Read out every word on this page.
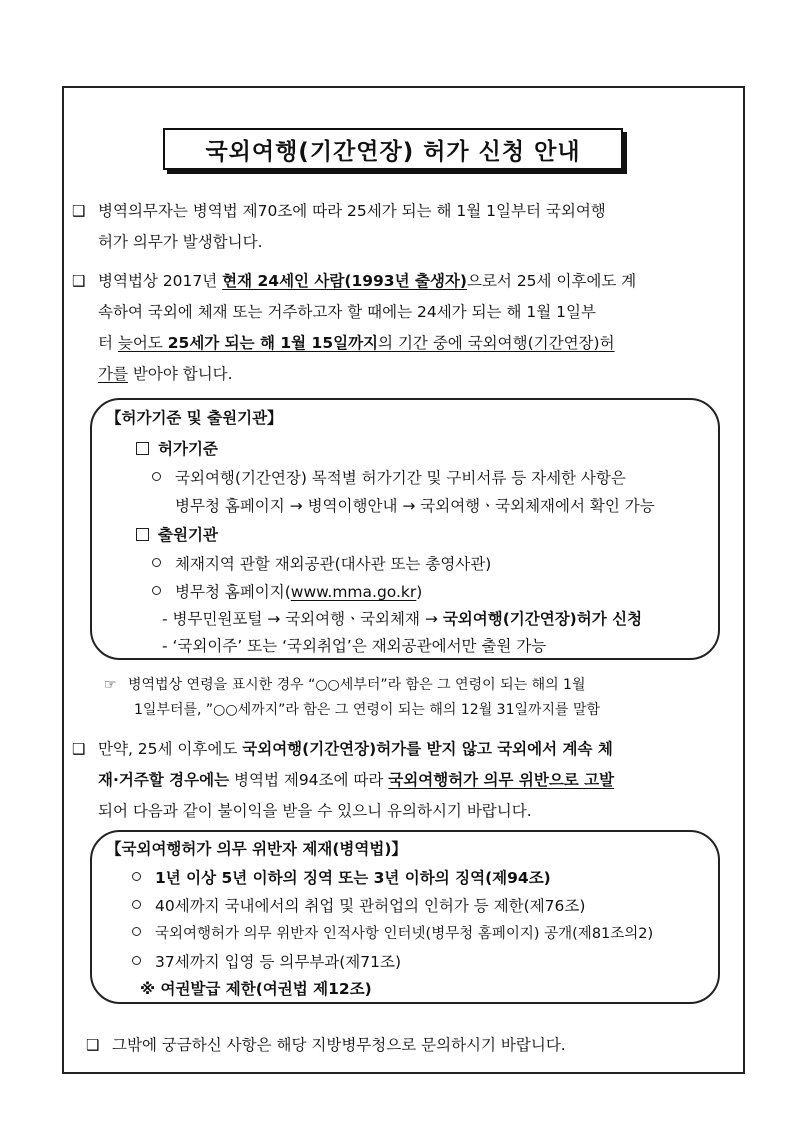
국외여행(기간연장) 허가 신청 안내
❑ 병역의무자는 병역법 제70조에 따라 25세가 되는 해 1월 1일부터 국외여행
허가 의무가 발생합니다.
❑ 병역법상 2017년 현재 24세인 사람(1993년 출생자)으로서 25세 이후에도 계
속하여 국외에 체재 또는 거주하고자 할 때에는 24세가 되는 해 1월 1일부
터 늦어도 25세가 되는 해 1월 15일까지의 기간 중에 국외여행(기간연장)허
가를 받아야 합니다.
【허가기준 및 출원기관】
허가기준
국외여행(기간연장) 목적별 허가기간 및 구비서류 등 자세한 사항은
병무청 홈페이지 → 병역이행안내 → 국외여행ㆍ국외체재에서 확인 가능
출원기관
체재지역 관할 재외공관(대사관 또는 총영사관)
병무청 홈페이지(www.mma.go.kr)
- 병무민원포털 → 국외여행ㆍ국외체재 → 국외여행(기간연장)허가 신청
- ‘국외이주’ 또는 ‘국외취업’은 재외공관에서만 출원 가능
☞ 병역법상 연령을 표시한 경우 “○○세부터”라 함은 그 연령이 되는 해의 1월
1일부터를, ”○○세까지”라 함은 그 연령이 되는 해의 12월 31일까지를 말함
❑ 만약, 25세 이후에도 국외여행(기간연장)허가를 받지 않고 국외에서 계속 체
재·거주할 경우에는 병역법 제94조에 따라 국외여행허가 의무 위반으로 고발
되어 다음과 같이 불이익을 받을 수 있으니 유의하시기 바랍니다.
【국외여행허가 의무 위반자 제재(병역법)】
1년 이상 5년 이하의 징역 또는 3년 이하의 징역(제94조)
40세까지 국내에서의 취업 및 관허업의 인허가 등 제한(제76조)
국외여행허가 의무 위반자 인적사항 인터넷(병무청 홈페이지) 공개(제81조의2)
37세까지 입영 등 의무부과(제71조)
※ 여권발급 제한(여권법 제12조)
❑ 그밖에 궁금하신 사항은 해당 지방병무청으로 문의하시기 바랍니다.
